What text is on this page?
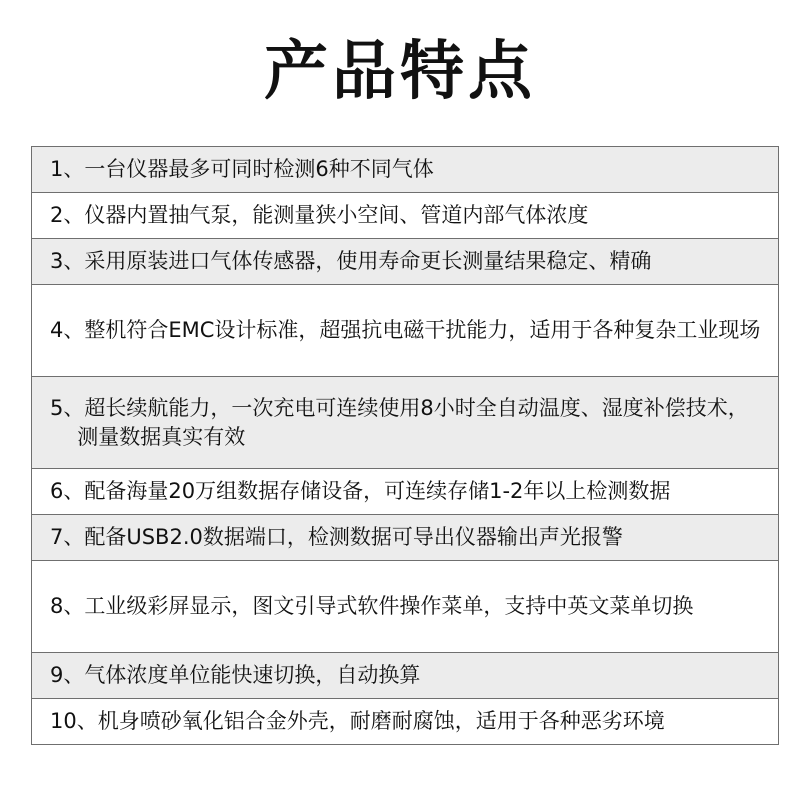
产品特点
1、一台仪器最多可同时检测6种不同气体
2、仪器内置抽气泵，能测量狭小空间、管道内部气体浓度
3、采用原装进口气体传感器，使用寿命更长测量结果稳定、精确
4、整机符合EMC设计标准，超强抗电磁干扰能力，适用于各种复杂工业现场
5、超长续航能力，一次充电可连续使用8小时全自动温度、湿度补偿技术，测量数据真实有效
6、配备海量20万组数据存储设备，可连续存储1-2年以上检测数据
7、配备USB2.0数据端口，检测数据可导出仪器输出声光报警
8、工业级彩屏显示，图文引导式软件操作菜单，支持中英文菜单切换
9、气体浓度单位能快速切换，自动换算
10、机身喷砂氧化铝合金外壳，耐磨耐腐蚀，适用于各种恶劣环境
